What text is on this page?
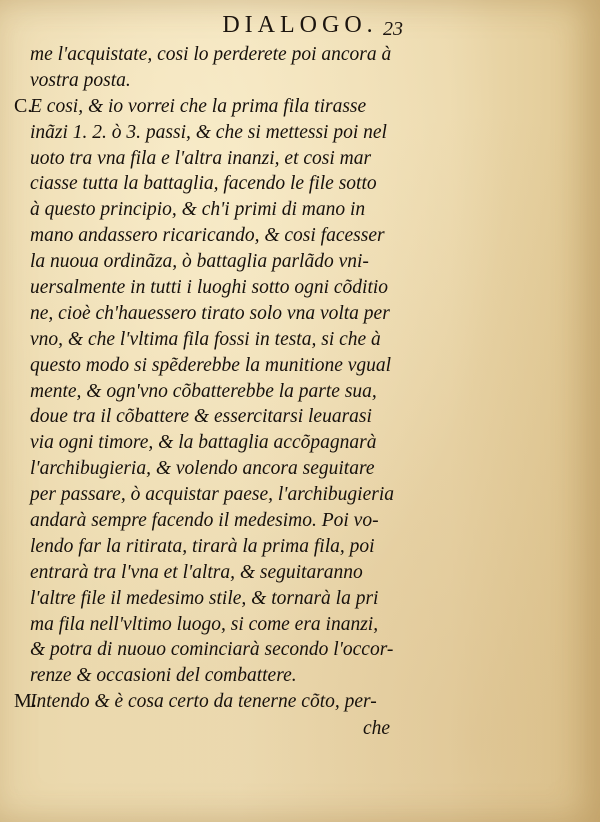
DIALOGO. 23
me l'acquistate, cosi lo perderete poi ancora à
vostra posta.
C.
E cosi, & io vorrei che la prima fila tirasse
inãzi 1. 2. ò 3. passi, & che si mettessi poi nel
uoto tra vna fila e l'altra inanzi, et cosi mar
ciasse tutta la battaglia, facendo le file sotto
à questo principio, & ch'i primi di mano in
mano andassero ricaricando, & cosi facesser
la nuoua ordinãza, ò battaglia parlãdo vni-
uersalmente in tutti i luoghi sotto ogni cõditio
ne, cioè ch'hauessero tirato solo vna volta per
vno, & che l'vltima fila fossi in testa, si che à
questo modo si spẽderebbe la munitione vgual
mente, & ogn'vno cõbatterebbe la parte sua,
doue tra il cõbattere & essercitarsi leuarasi
via ogni timore, & la battaglia accõpagnarà
l'archibugieria, & volendo ancora seguitare
per passare, ò acquistar paese, l'archibugieria
andarà sempre facendo il medesimo. Poi vo-
lendo far la ritirata, tirarà la prima fila, poi
entrarà tra l'vna et l'altra, & seguitaranno
l'altre file il medesimo stile, & tornarà la pri
ma fila nell'vltimo luogo, si come era inanzi,
& potra di nuouo cominciarà secondo l'occor-
renze & occasioni del combattere.
M.
Intendo & è cosa certo da tenerne cõto, per-
che
